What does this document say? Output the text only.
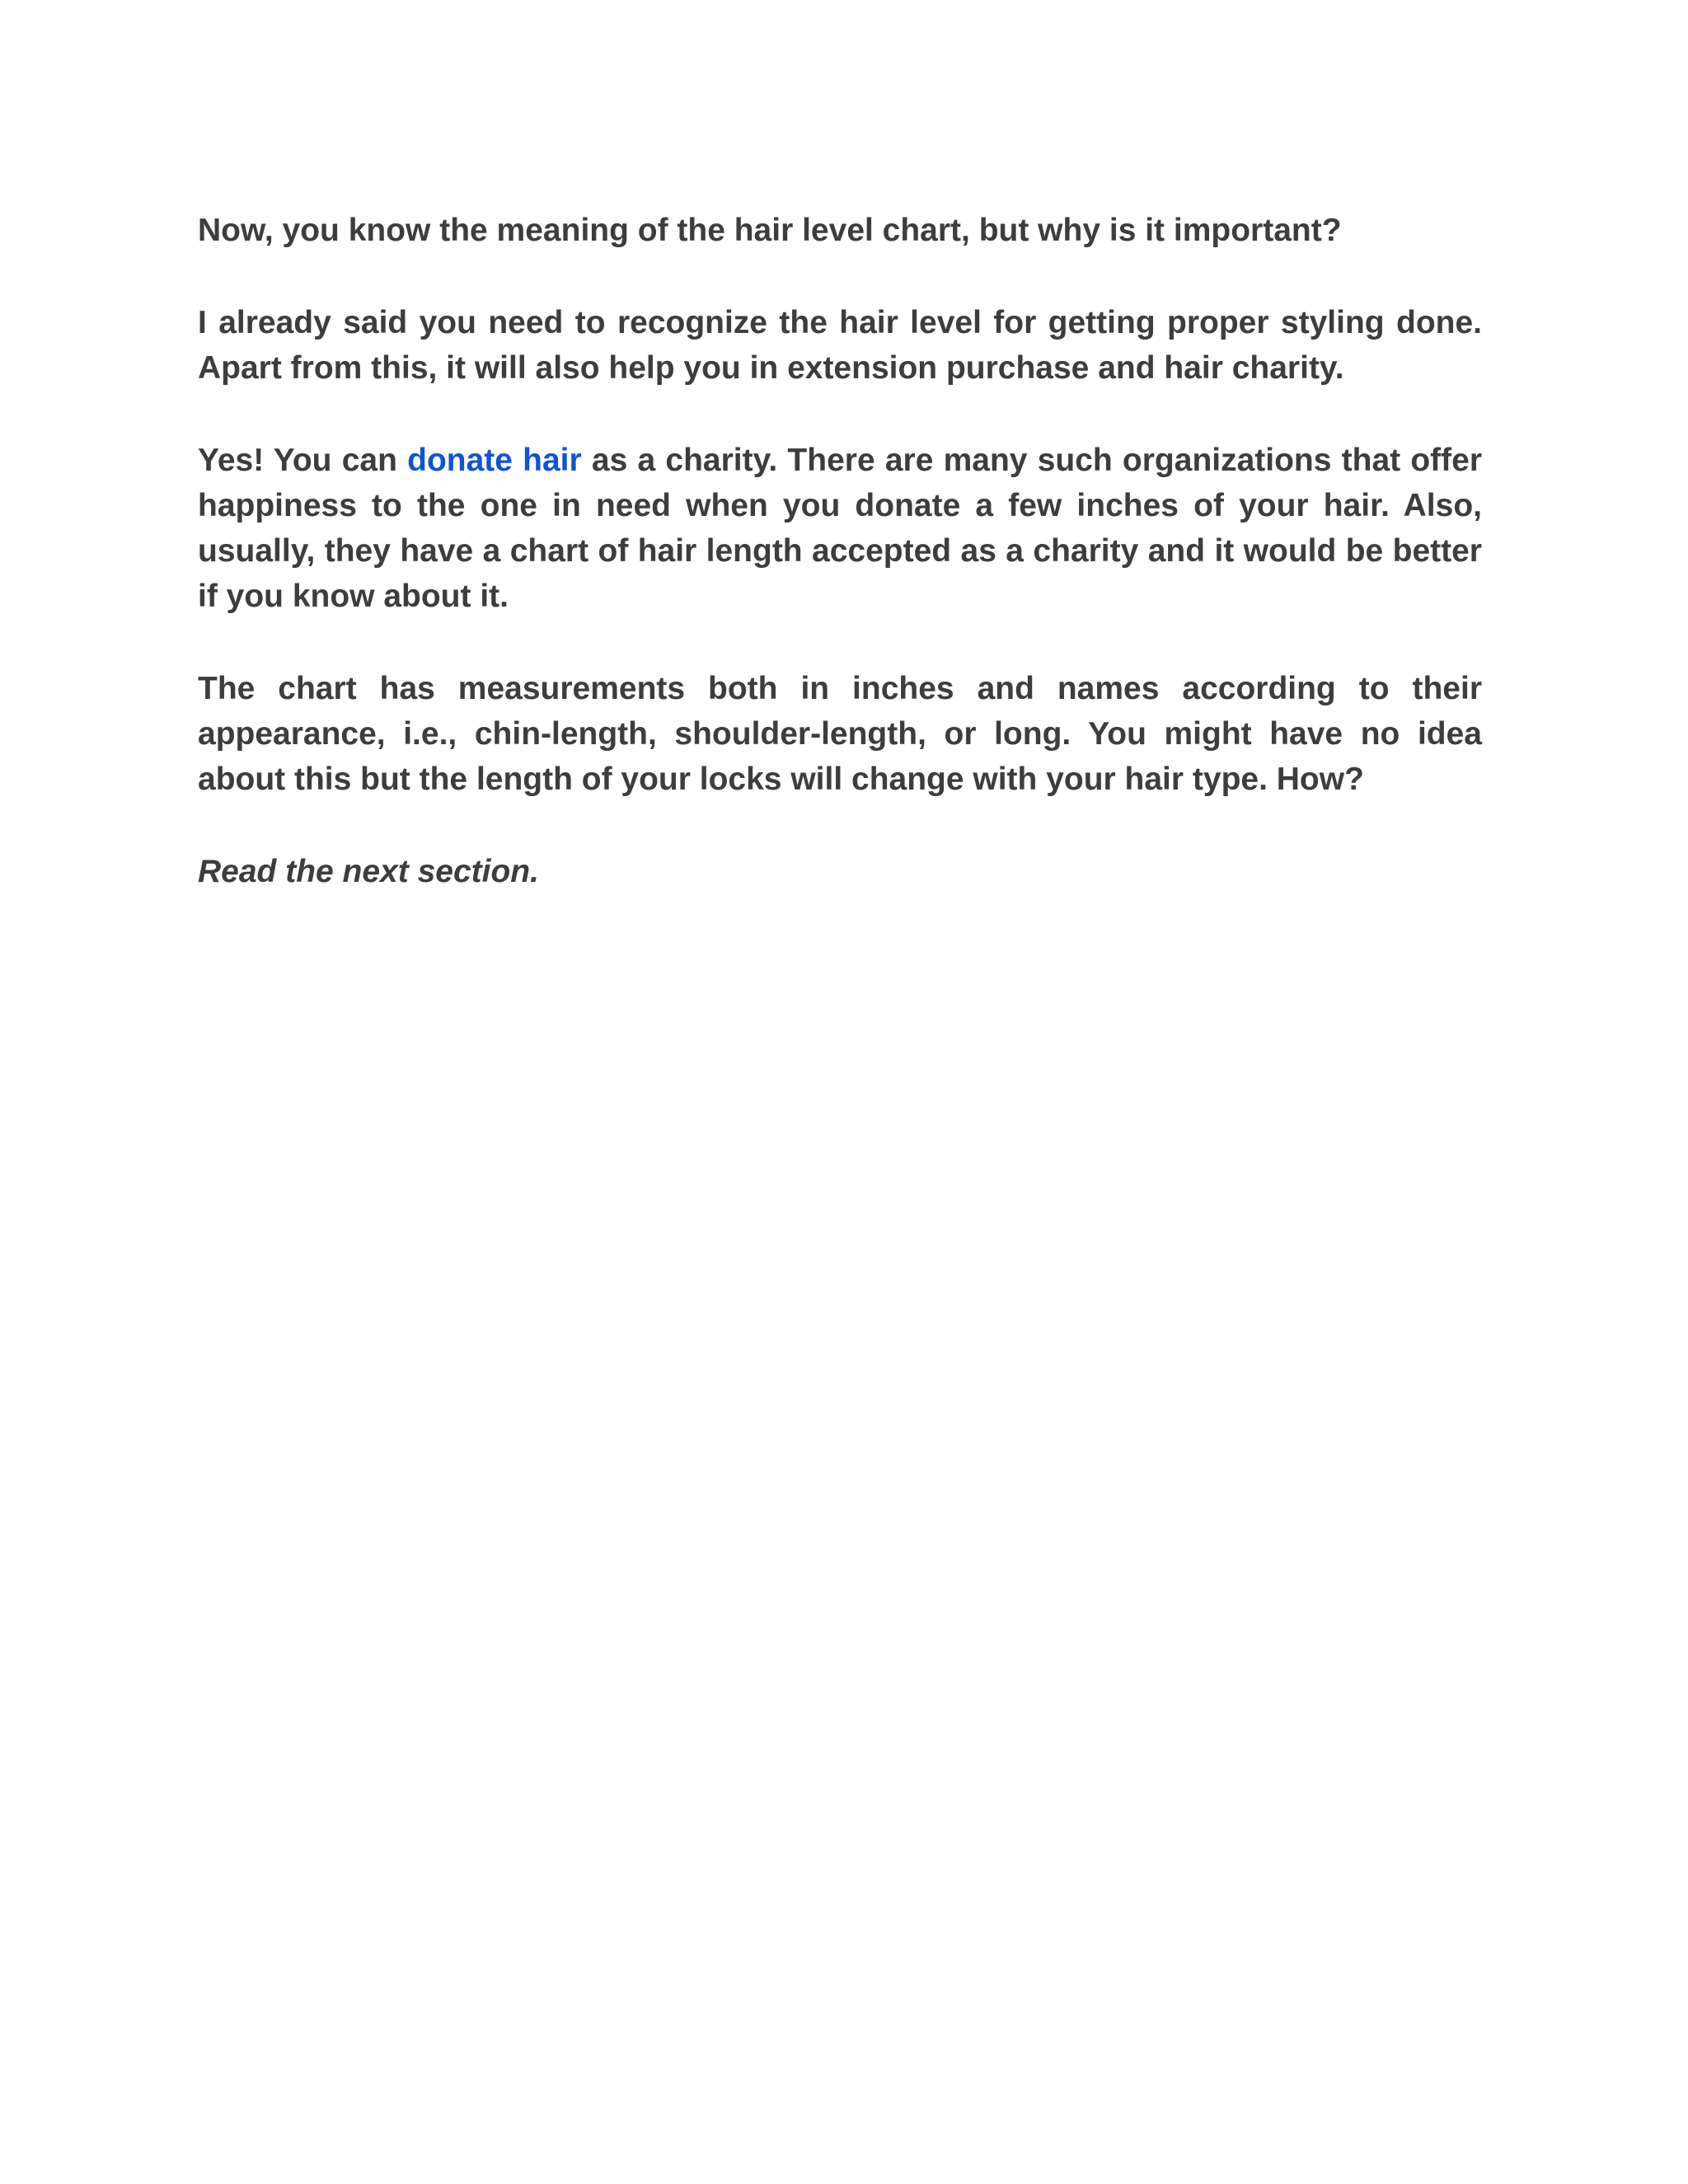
Now, you know the meaning of the hair level chart, but why is it important?

I already said you need to recognize the hair level for getting proper styling done. Apart from this, it will also help you in extension purchase and hair charity.

Yes! You can donate hair as a charity. There are many such organizations that offer happiness to the one in need when you donate a few inches of your hair. Also, usually, they have a chart of hair length accepted as a charity and it would be better if you know about it.

The chart has measurements both in inches and names according to their appearance, i.e., chin-length, shoulder-length, or long. You might have no idea about this but the length of your locks will change with your hair type. How?

Read the next section.
